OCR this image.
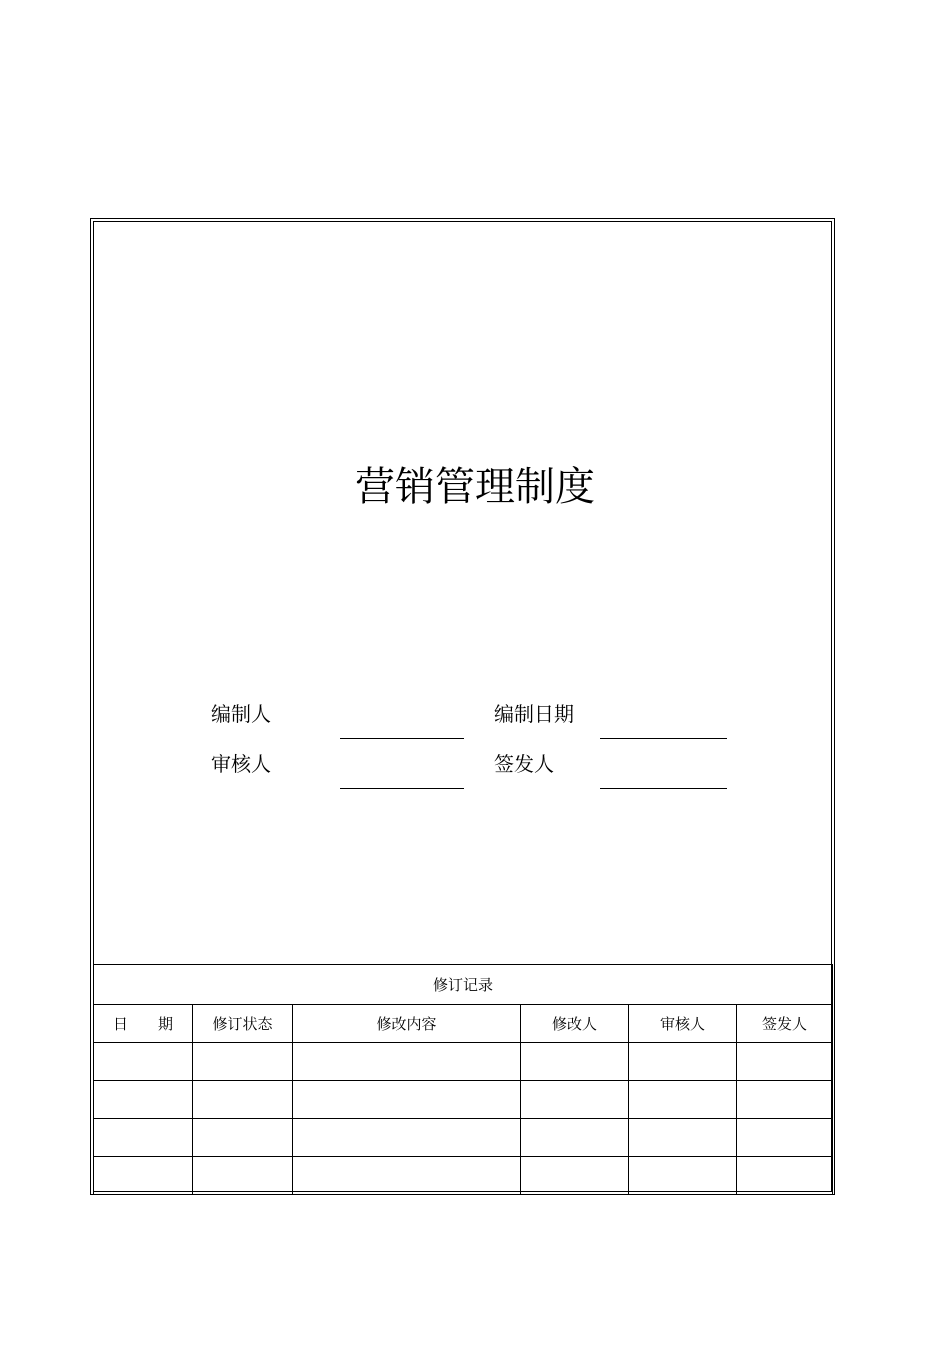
营销管理制度
编制人	编制日期
审核人	签发人
修订记录					
日　　期	修订状态	修改内容	修改人	审核人	签发人
